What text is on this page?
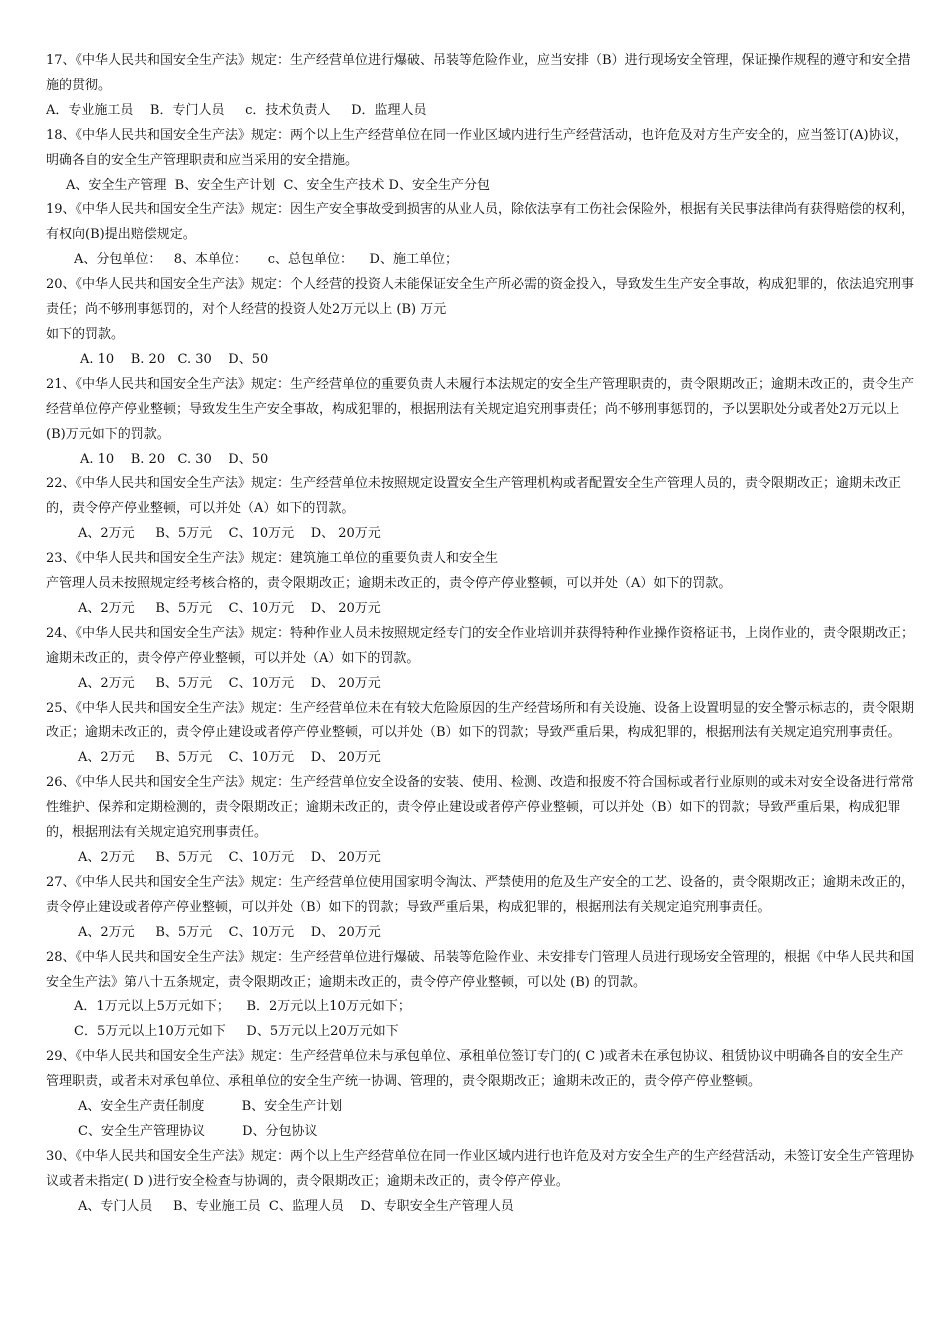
17、《中华人民共和国安全生产法》规定：生产经营单位进行爆破、吊装等危险作业，应当安排（B）进行现场安全管理，保证操作规程的遵守和安全措施的贯彻。
A．专业施工员    B．专门人员     c．技术负责人     D．监理人员
18、《中华人民共和国安全生产法》规定：两个以上生产经营单位在同一作业区域内进行生产经营活动，也许危及对方生产安全的，应当签订(A)协议，明确各自的安全生产管理职责和应当采用的安全措施。
A、安全生产管理  B、安全生产计划  C、安全生产技术 D、安全生产分包
19、《中华人民共和国安全生产法》规定：因生产安全事故受到损害的从业人员，除依法享有工伤社会保险外，根据有关民事法律尚有获得赔偿的权利，有权向(B)提出赔偿规定。
A、分包单位：   8、本单位：     c、总包单位：    D、施工单位；
20、《中华人民共和国安全生产法》规定：个人经营的投资人未能保证安全生产所必需的资金投入，导致发生生产安全事故，构成犯罪的，依法追究刑事责任；尚不够刑事惩罚的，对个人经营的投资人处2万元以上 (B) 万元
如下的罚款。
A. 10    B. 20   C. 30    D、50
21、《中华人民共和国安全生产法》规定：生产经营单位的重要负责人未履行本法规定的安全生产管理职责的，责令限期改正；逾期未改正的，责令生产经营单位停产停业整顿；导致发生生产安全事故，构成犯罪的，根据刑法有关规定追究刑事责任；尚不够刑事惩罚的，予以罢职处分或者处2万元以上(B)万元如下的罚款。
A. 10    B. 20   C. 30    D、50
22、《中华人民共和国安全生产法》规定：生产经营单位未按照规定设置安全生产管理机构或者配置安全生产管理人员的，责令限期改正；逾期未改正的，责令停产停业整顿，可以并处（A）如下的罚款。
A、2万元     B、5万元    C、10万元    D、 20万元
23、《中华人民共和国安全生产法》规定：建筑施工单位的重要负责人和安全生
产管理人员未按照规定经考核合格的，责令限期改正；逾期未改正的，责令停产停业整顿，可以并处（A）如下的罚款。
A、2万元     B、5万元    C、10万元    D、 20万元
24、《中华人民共和国安全生产法》规定：特种作业人员未按照规定经专门的安全作业培训并获得特种作业操作资格证书，上岗作业的，责令限期改正；逾期未改正的，责令停产停业整顿，可以并处（A）如下的罚款。
A、2万元     B、5万元    C、10万元    D、 20万元
25、《中华人民共和国安全生产法》规定：生产经营单位未在有较大危险原因的生产经营场所和有关设施、设备上设置明显的安全警示标志的，责令限期改正；逾期未改正的，责令停止建设或者停产停业整顿，可以并处（B）如下的罚款；导致严重后果，构成犯罪的，根据刑法有关规定追究刑事责任。
A、2万元     B、5万元    C、10万元    D、 20万元
26、《中华人民共和国安全生产法》规定：生产经营单位安全设备的安装、使用、检测、改造和报废不符合国标或者行业原则的或未对安全设备进行常常性维护、保养和定期检测的，责令限期改正；逾期未改正的，责令停止建设或者停产停业整顿，可以并处（B）如下的罚款；导致严重后果，构成犯罪的，根据刑法有关规定追究刑事责任。
A、2万元     B、5万元    C、10万元    D、 20万元
27、《中华人民共和国安全生产法》规定：生产经营单位使用国家明令淘汰、严禁使用的危及生产安全的工艺、设备的，责令限期改正；逾期未改正的，责令停止建设或者停产停业整顿，可以并处（B）如下的罚款；导致严重后果，构成犯罪的，根据刑法有关规定追究刑事责任。
A、2万元     B、5万元    C、10万元    D、 20万元
28、《中华人民共和国安全生产法》规定：生产经营单位进行爆破、吊装等危险作业、未安排专门管理人员进行现场安全管理的，根据《中华人民共和国安全生产法》第八十五条规定，责令限期改正；逾期未改正的，责令停产停业整顿，可以处 (B) 的罚款。
A．1万元以上5万元如下；    B．2万元以上10万元如下；
C．5万元以上10万元如下     D、5万元以上20万元如下
29、《中华人民共和国安全生产法》规定：生产经营单位未与承包单位、承租单位签订专门的( C )或者未在承包协议、租赁协议中明确各自的安全生产管理职责，或者未对承包单位、承租单位的安全生产统一协调、管理的，责令限期改正；逾期未改正的，责令停产停业整顿。
A、安全生产责任制度         B、安全生产计划
C、安全生产管理协议         D、分包协议
30、《中华人民共和国安全生产法》规定：两个以上生产经营单位在同一作业区域内进行也许危及对方安全生产的生产经营活动，未签订安全生产管理协议或者未指定( D )进行安全检查与协调的，责令限期改正；逾期未改正的，责令停产停业。
A、专门人员     B、专业施工员  C、监理人员    D、专职安全生产管理人员
